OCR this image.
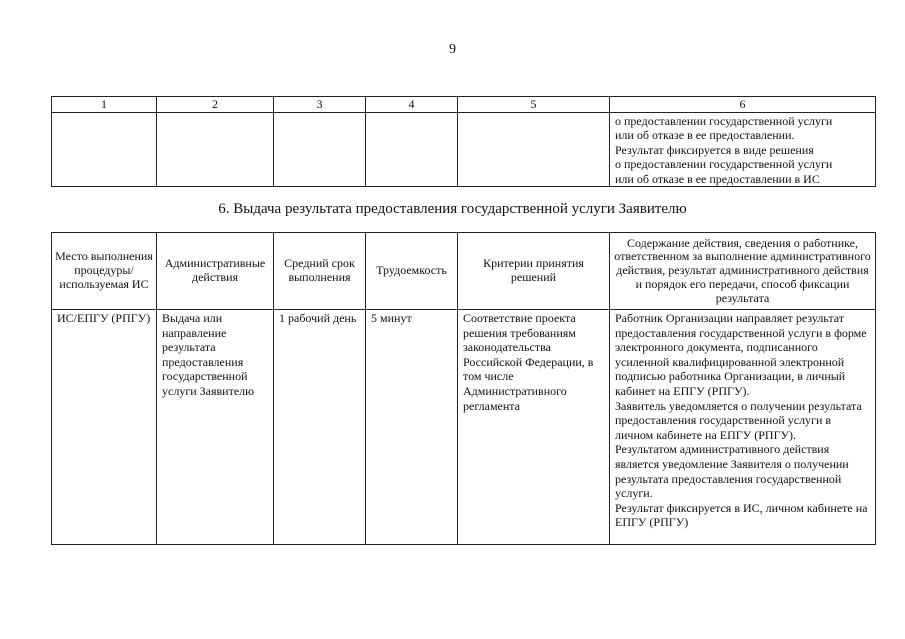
9
1	2	3	4	5	6

					о предоставлении государственной услуги
или об отказе в ее предоставлении.
Результат фиксируется в виде решения
о предоставлении государственной услуги
или об отказе в ее предоставлении в ИС
6. Выдача результата предоставления государственной услуги Заявителю
Место выполнения процедуры/ используемая ИС	Административные действия	Средний срок выполнения	Трудоемкость	Критерии принятия решений	Содержание действия, сведения о работнике, ответственном за выполнение административного действия, результат административного действия и порядок его передачи, способ фиксации результата
ИС/ЕПГУ (РПГУ)	Выдача или направление результата предоставления государственной услуги Заявителю	1 рабочий день	5 минут	Соответствие проекта решения требованиям законодательства Российской Федерации, в том числе Административного регламента	Работник Организации направляет результат предоставления государственной услуги в форме электронного документа, подписанного усиленной квалифицированной электронной подписью работника Организации, в личный кабинет на ЕПГУ (РПГУ).
Заявитель уведомляется о получении результата предоставления государственной услуги в личном кабинете на ЕПГУ (РПГУ).
Результатом административного действия является уведомление Заявителя о получении результата предоставления государственной услуги.
Результат фиксируется в ИС, личном кабинете на ЕПГУ (РПГУ)
